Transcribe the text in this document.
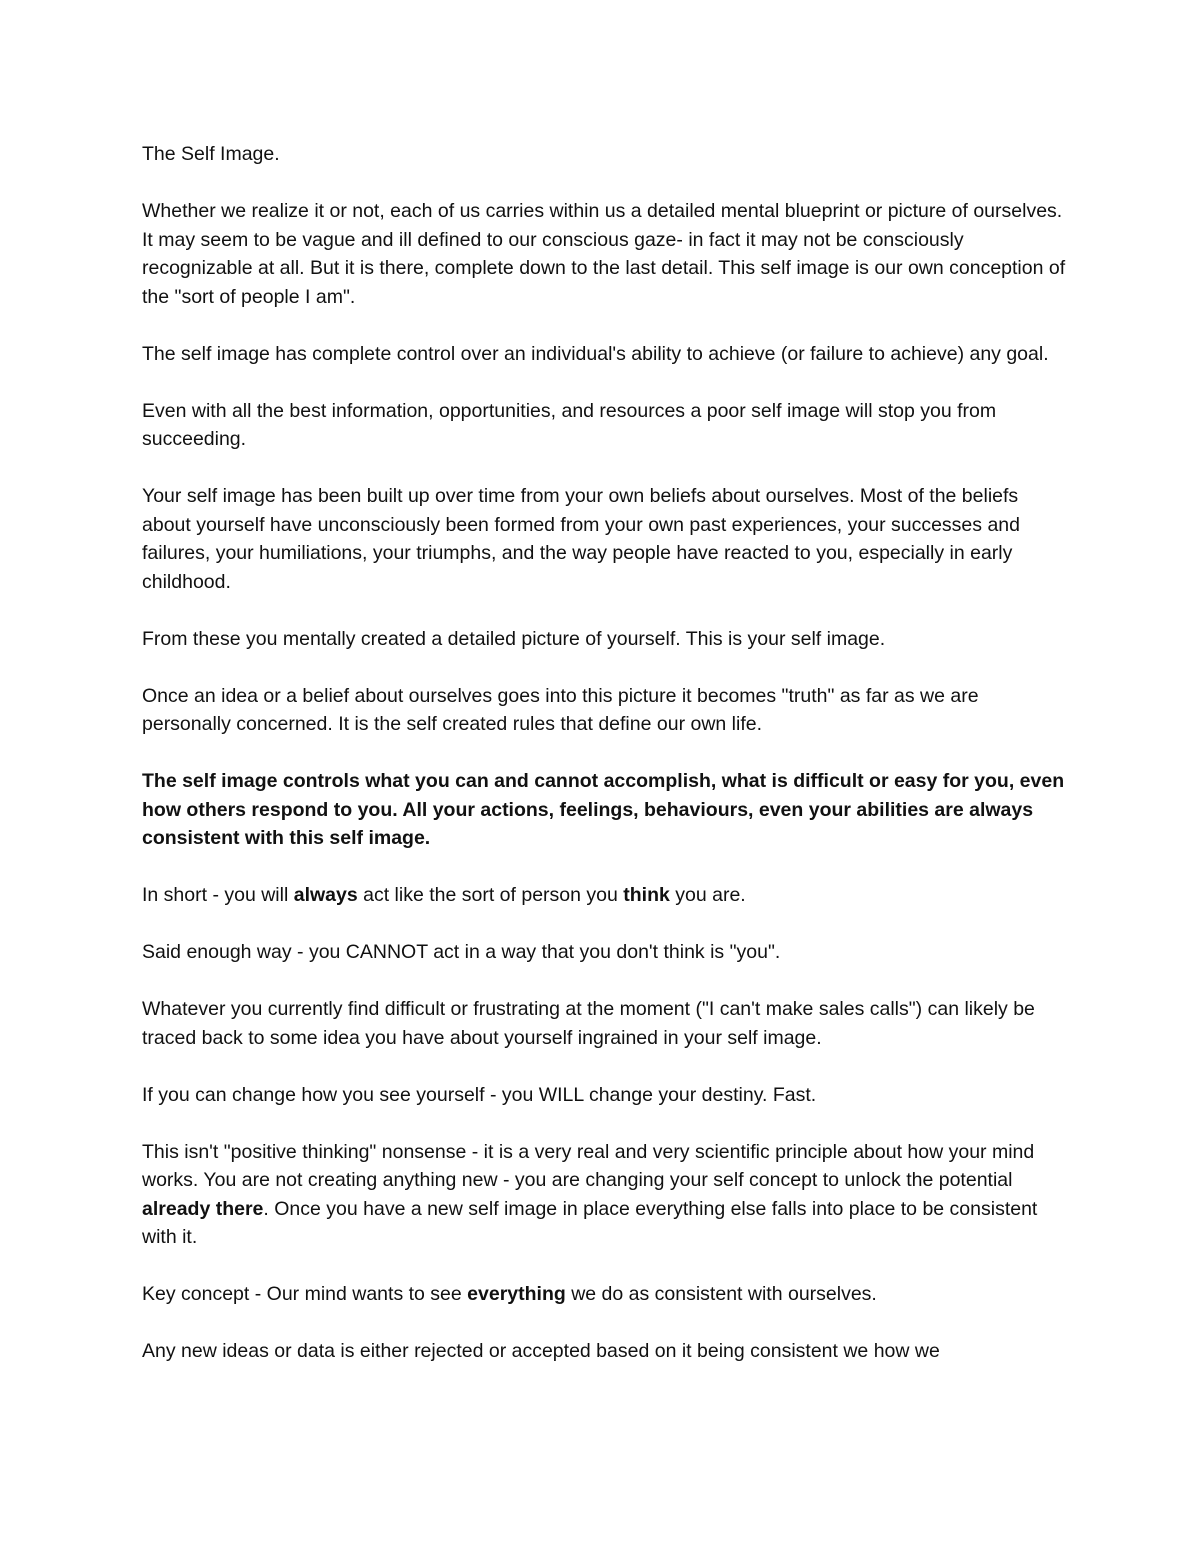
The Self Image.

Whether we realize it or not, each of us carries within us a detailed mental blueprint or picture of ourselves. It may seem to be vague and ill defined to our conscious gaze- in fact it may not be consciously recognizable at all. But it is there, complete down to the last detail. This self image is our own conception of the "sort of people I am".

The self image has complete control over an individual's ability to achieve (or failure to achieve) any goal.

Even with all the best information, opportunities, and resources a poor self image will stop you from succeeding.

Your self image has been built up over time from your own beliefs about ourselves. Most of the beliefs about yourself have unconsciously been formed from your own past experiences, your successes and failures, your humiliations, your triumphs, and the way people have reacted to you, especially in early childhood.

From these you mentally created a detailed picture of yourself. This is your self image.

Once an idea or a belief about ourselves goes into this picture it becomes "truth" as far as we are personally concerned. It is the self created rules that define our own life.

The self image controls what you can and cannot accomplish, what is difficult or easy for you, even how others respond to you. All your actions, feelings, behaviours, even your abilities are always consistent with this self image.

In short - you will always act like the sort of person you think you are.

Said enough way - you CANNOT act in a way that you don't think is "you".

Whatever you currently find difficult or frustrating at the moment ("I can't make sales calls") can likely be traced back to some idea you have about yourself ingrained in your self image.

If you can change how you see yourself - you WILL change your destiny. Fast.

This isn't "positive thinking" nonsense - it is a very real and very scientific principle about how your mind works. You are not creating anything new - you are changing your self concept to unlock the potential already there. Once you have a new self image in place everything else falls into place to be consistent with it.

Key concept - Our mind wants to see everything we do as consistent with ourselves.

Any new ideas or data is either rejected or accepted based on it being consistent we how we
